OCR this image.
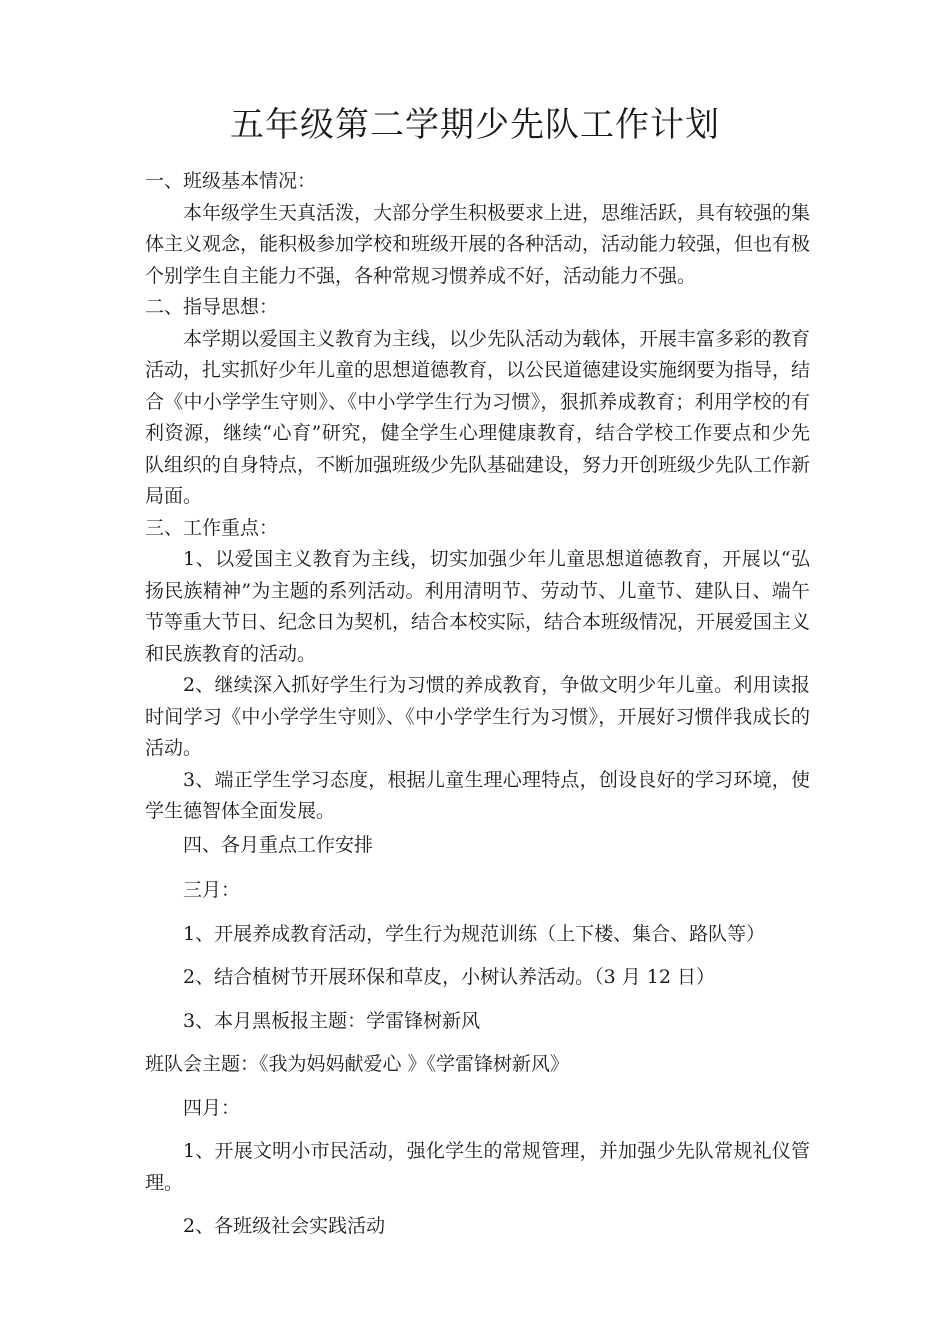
五年级第二学期少先队工作计划

一、班级基本情况：

本年级学生天真活泼，大部分学生积极要求上进，思维活跃，具有较强的集体主义观念，能积极参加学校和班级开展的各种活动，活动能力较强，但也有极个别学生自主能力不强，各种常规习惯养成不好，活动能力不强。

二、指导思想：

本学期以爱国主义教育为主线，以少先队活动为载体，开展丰富多彩的教育活动，扎实抓好少年儿童的思想道德教育，以公民道德建设实施纲要为指导，结合《中小学学生守则》、《中小学学生行为习惯》，狠抓养成教育；利用学校的有利资源，继续“心育”研究，健全学生心理健康教育，结合学校工作要点和少先队组织的自身特点，不断加强班级少先队基础建设，努力开创班级少先队工作新局面。

三、工作重点：

1、以爱国主义教育为主线，切实加强少年儿童思想道德教育，开展以“弘扬民族精神”为主题的系列活动。利用清明节、劳动节、儿童节、建队日、端午节等重大节日、纪念日为契机，结合本校实际，结合本班级情况，开展爱国主义和民族教育的活动。

2、继续深入抓好学生行为习惯的养成教育，争做文明少年儿童。利用读报时间学习《中小学学生守则》、《中小学学生行为习惯》，开展好习惯伴我成长的活动。

3、端正学生学习态度，根据儿童生理心理特点，创设良好的学习环境，使学生德智体全面发展。

四、各月重点工作安排

三月：

1、开展养成教育活动，学生行为规范训练（上下楼、集合、路队等）

2、结合植树节开展环保和草皮，小树认养活动。（3 月 12 日）

3、本月黑板报主题：学雷锋树新风

班队会主题：《我为妈妈献爱心 》《学雷锋树新风》

四月：

1、开展文明小市民活动，强化学生的常规管理，并加强少先队常规礼仪管理。

2、各班级社会实践活动
